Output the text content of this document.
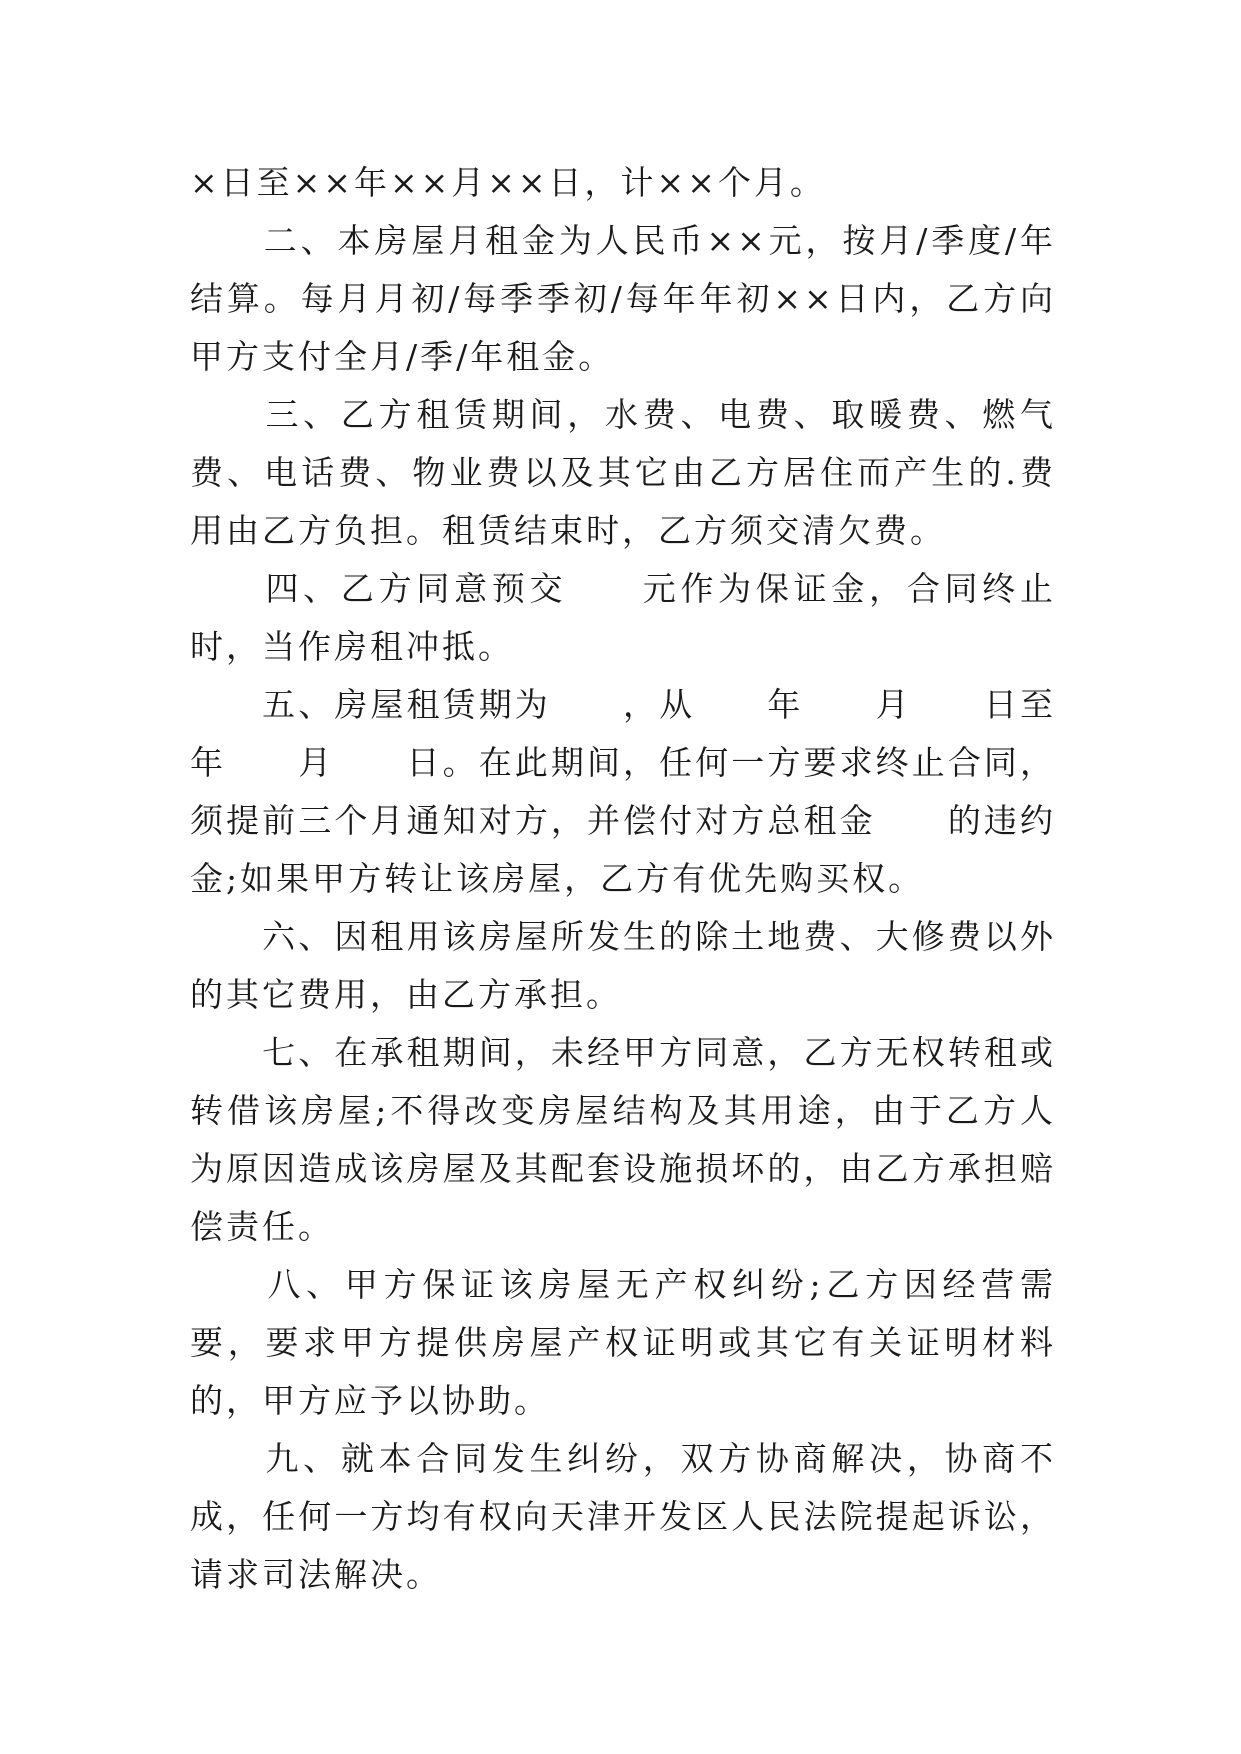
×日至××年××月××日，计××个月。

　　二、本房屋月租金为人民币××元，按月/季度/年结算。每月月初/每季季初/每年年初××日内，乙方向甲方支付全月/季/年租金。

　　三、乙方租赁期间，水费、电费、取暖费、燃气费、电话费、物业费以及其它由乙方居住而产生的.费用由乙方负担。租赁结束时，乙方须交清欠费。

　　四、乙方同意预交　　元作为保证金，合同终止时，当作房租冲抵。

　　五、房屋租赁期为　　，从　　年　　月　　日至　　年　　月　　日。在此期间，任何一方要求终止合同，须提前三个月通知对方，并偿付对方总租金　　的违约金;如果甲方转让该房屋，乙方有优先购买权。

　　六、因租用该房屋所发生的除土地费、大修费以外的其它费用，由乙方承担。

　　七、在承租期间，未经甲方同意，乙方无权转租或转借该房屋;不得改变房屋结构及其用途，由于乙方人为原因造成该房屋及其配套设施损坏的，由乙方承担赔偿责任。

　　八、甲方保证该房屋无产权纠纷;乙方因经营需要，要求甲方提供房屋产权证明或其它有关证明材料的，甲方应予以协助。

　　九、就本合同发生纠纷，双方协商解决，协商不成，任何一方均有权向天津开发区人民法院提起诉讼，请求司法解决。
